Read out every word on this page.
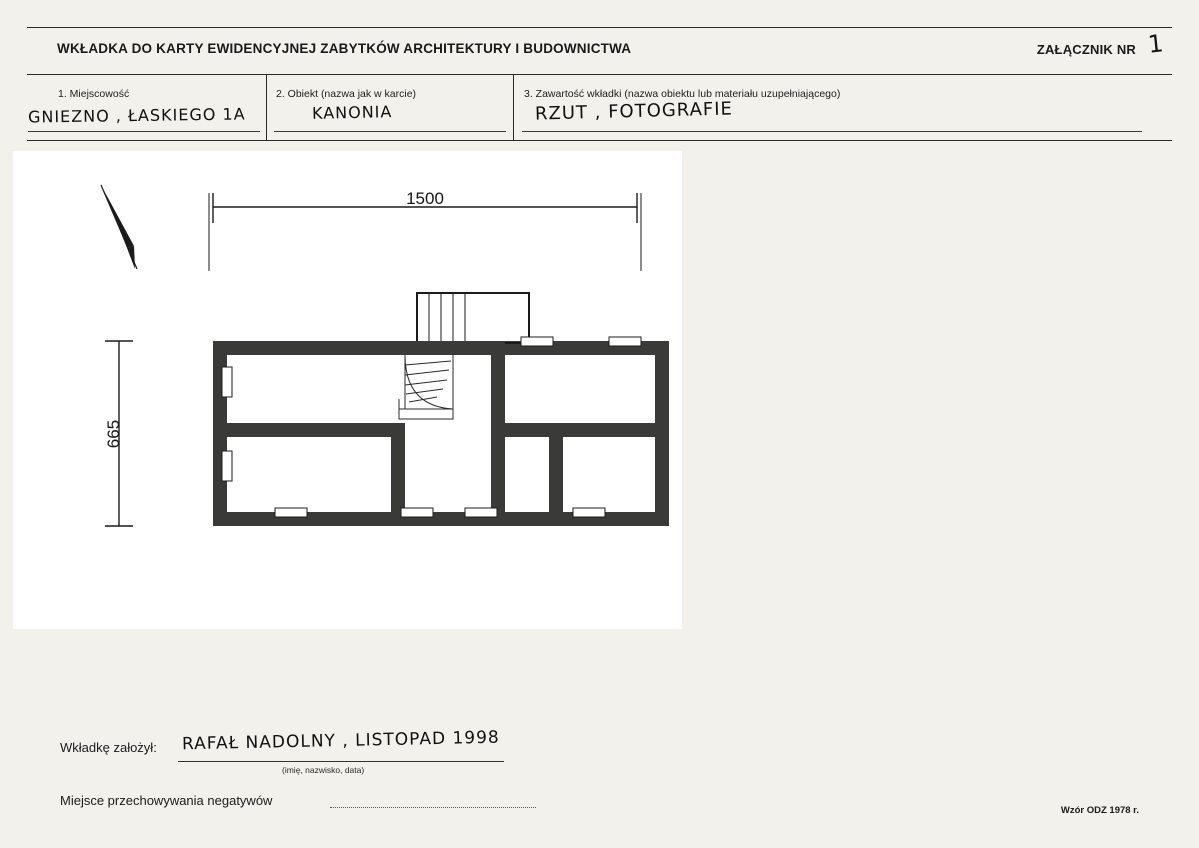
WKŁADKA DO KARTY EWIDENCYJNEJ ZABYTKÓW ARCHITEKTURY I BUDOWNICTWA	ZAŁĄCZNIK NR 1
1. Miejscowość	2. Obiekt (nazwa jak w karcie)	3. Zawartość wkładki (nazwa obiektu lub materiału uzupełniającego)
GNIEZNO , ŁASKIEGO 1A	KANONIA	RZUT , FOTOGRAFIE
1500
665
Wkładkę założył: RAFAŁ NADOLNY , LISTOPAD 1998
(imię, nazwisko, data)
Miejsce przechowywania negatywów
Wzór ODZ 1978 r.
